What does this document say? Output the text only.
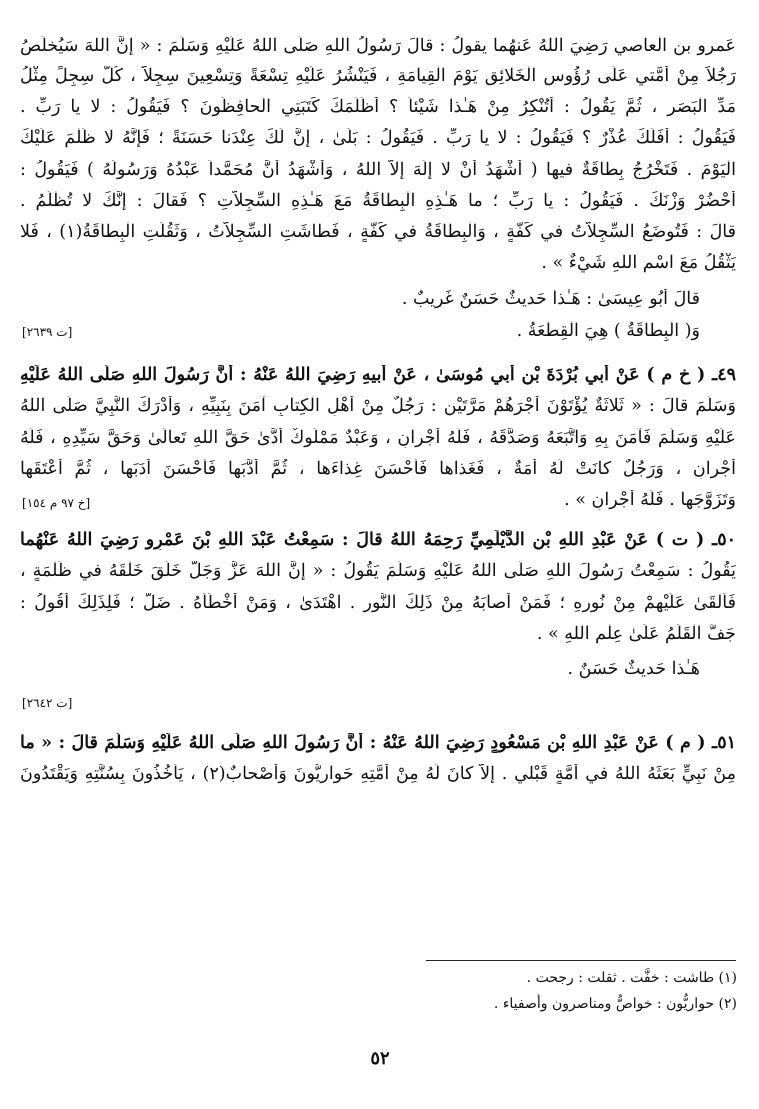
عَمرو بنِ الْعاصي رَضِيَ اللهُ عَنهُما يقولُ : قالَ رَسُولُ اللهِ صَلَّى اللهُ عَلَيْهِ وَسَلَّمَ : « إِنَّ اللهَ سَيُخلِّصُ
رَجُلاً مِنْ أُمَّتي عَلَى رُؤُوسِ الْخَلائِقِ يَوْمَ الْقِيامَةِ ، فَيَنْشُرُ عَلَيْهِ تِسْعَةً وَتِسْعِينَ سِجِلاًّ ، كُلُّ سِجِلٍّ مِثْلُ
مَدِّ الْبَصَرِ ، ثُمَّ يَقُولُ : أَتُنْكِرُ مِنْ هَـٰذا شَيْئاً ؟ أَظَلَمَكَ كَتَبَتِي الْحافِظُونَ ؟ فَيَقُولُ : لا يا رَبِّ .
فَيَقُولُ : أَفَلَكَ عُذْرٌ ؟ فَيَقُولُ : لا يا رَبِّ . فَيَقُولُ : بَلَىٰ ، إِنَّ لَكَ عِنْدَنا حَسَنَةً ؛ فَإِنَّهُ لا ظُلْمَ عَلَيْكَ
الْيَوْمَ . فَتَخْرُجُ بِطاقَةٌ فيها ( أَشْهَدُ أَنْ لا إِلَهَ إِلاَّ اللهُ ، وَأَشْهَدُ أَنَّ مُحَمَّداً عَبْدُهُ وَرَسُولُهُ ) فَيَقُولُ :
أَحْضُرْ وَزْنَكَ . فَيَقُولُ : يا رَبِّ ؛ ما هَـٰذِهِ الْبِطاقَةُ مَعَ هَـٰذِهِ السِّجِلاَّتِ ؟ فَقالَ : إِنَّكَ لا تُظْلَمُ .
قالَ : فَتُوضَعُ السِّجِلاَّتُ في كَفَّةٍ ، وَالْبِطاقَةُ في كَفَّةٍ ، فَطاشَتِ السِّجِلاَّتُ ، وَثَقُلَتِ الْبِطاقَةُ(١) ، فَلا
يَثْقُلُ مَعَ اسْمِ اللهِ شَيْءٌ » .
قالَ أَبُو عِيسَىٰ : هَـٰذا حَديثٌ حَسَنٌ غَريبٌ .
وَ( الْبِطاقَةُ ) هِيَ الْقِطْعَةُ .
[ت ٢٦٣٩]
٤٩ـ ( خ م ) عَنْ أَبي بُرْدَةَ بْنِ أَبي مُوسَىٰ ، عَنْ أَبيهِ رَضِيَ اللهُ عَنْهُ : أَنَّ رَسُولَ اللهِ صَلَّى اللهُ عَلَيْهِ
وَسَلَّمَ قالَ : « ثَلاثَةٌ يُؤْتَوْنَ أَجْرَهُمْ مَرَّتَيْنِ : رَجُلٌ مِنْ أَهْلِ الْكِتابِ آمَنَ بِنَبِيِّهِ ، وَأَدْرَكَ النَّبِيَّ صَلَّى اللهُ
عَلَيْهِ وَسَلَّمَ فَآمَنَ بِهِ وَاتَّبَعَهُ وَصَدَّقَهُ ، فَلَهُ أَجْرانِ ، وَعَبْدٌ مَمْلُوكٌ أَدَّىٰ حَقَّ اللهِ تَعالَىٰ وَحَقَّ سَيِّدِهِ ، فَلَهُ
أَجْرانِ ، وَرَجُلٌ كانَتْ لَهُ أَمَةٌ ، فَغَذاها فَأَحْسَنَ غِذاءَها ، ثُمَّ أَدَّبَها فَأَحْسَنَ أَدَبَها ، ثُمَّ أَعْتَقَها
وَتَزَوَّجَها . فَلَهُ أَجْرانِ » .
[خ ٩٧ م ١٥٤]
٥٠ـ ( ت ) عَنْ عَبْدِ اللهِ بْنِ الدَّيْلَمِيِّ رَحِمَهُ اللهُ قالَ : سَمِعْتُ عَبْدَ اللهِ بْنَ عَمْرٍو رَضِيَ اللهُ عَنْهُما
يَقُولُ : سَمِعْتُ رَسُولَ اللهِ صَلَّى اللهُ عَلَيْهِ وَسَلَّمَ يَقُولُ : « إِنَّ اللهَ عَزَّ وَجَلَّ خَلَقَ خَلْقَهُ في ظُلْمَةٍ ،
فَأَلْقَىٰ عَلَيْهِمْ مِنْ نُورِهِ ؛ فَمَنْ أَصابَهُ مِنْ ذَلِكَ النُّورِ . اهْتَدَىٰ ، وَمَنْ أَخْطَأَهُ . ضَلَّ ؛ فَلِذَلِكَ أَقُولُ :
جَفَّ الْقَلَمُ عَلَىٰ عِلْمِ اللهِ » .
هَـٰذا حَديثٌ حَسَنٌ .
[ت ٢٦٤٢]
٥١ـ ( م ) عَنْ عَبْدِ اللهِ بْنِ مَسْعُودٍ رَضِيَ اللهُ عَنْهُ : أَنَّ رَسُولَ اللهِ صَلَّى اللهُ عَلَيْهِ وَسَلَّمَ قالَ : « ما
مِنْ نَبِيٍّ بَعَثَهُ اللهُ في أُمَّةٍ قَبْلي . إِلاَّ كانَ لَهُ مِنْ أُمَّتِهِ حَوارِيُّونَ وَأَصْحابٌ(٢) ، يَأْخُذُونَ بِسُنَّتِهِ وَيَقْتَدُونَ
(١) طاشت : خفَّت . ثقلت : رجحت .
(٢) حواريُّون : خواصُّ ومناصرون وأصفياء .
٥٢
